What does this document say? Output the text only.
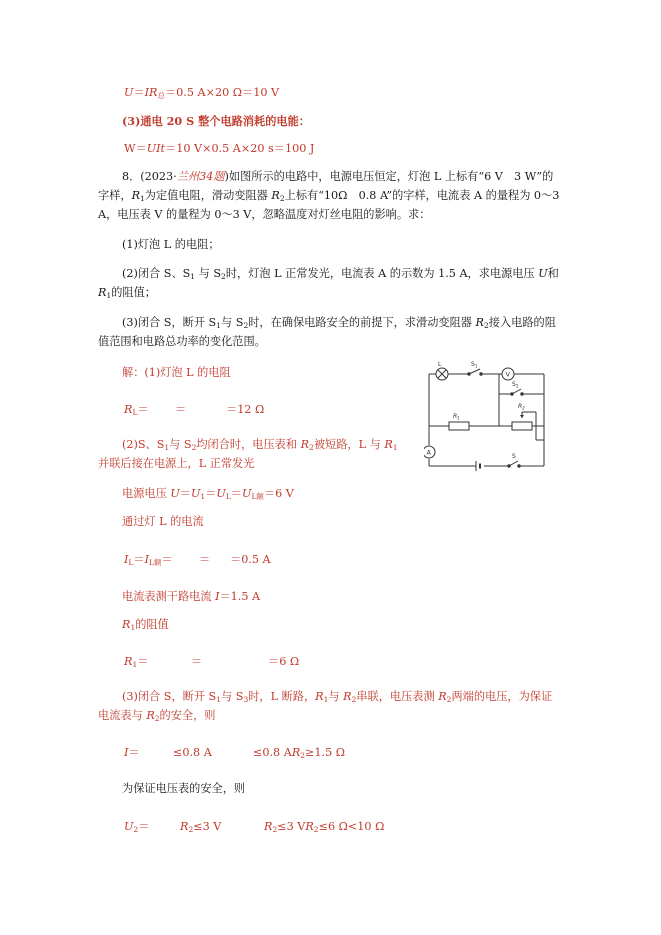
$U=IR_总=0.5$ A×20 Ω＝10 V
(3)通电 20 S 整个电路消耗的电能：
W＝UIt＝10 V×0.5 A×20 s＝100 J
8．(2023·兰州34题)如图所示的电路中，电源电压恒定，灯泡 L 上标有“6 V　3 W”的
字样，$R_1$为定值电阻，滑动变阻器 $R_2$上标有“10Ω　0.8 A”的字样，电流表 A 的量程为 0～3
A，电压表 V 的量程为 0～3 V，忽略温度对灯丝电阻的影响。求：
(1)灯泡 L 的电阻；
(2)闭合 S、$S_1$ 与 $S_2$时，灯泡 L 正常发光，电流表 A 的示数为 1.5 A，求电源电压 U和
$R_1$的阻值；
(3)闭合 S，断开 $S_1$与 $S_2$时，在确保电路安全的前提下，求滑动变阻器 $R_2$接入电路的阻
值范围和电路总功率的变化范围。
解：(1)灯泡 L 的电阻
$R_L=$ ＝	＝12 Ω
(2)S、$S_1$与 $S_2$均闭合时，电压表和 $R_2$被短路，L 与 $R_1$
并联后接在电源上，L 正常发光
电源电压 $U=U_1=U_L=U_L$额＝6 V
通过灯 L 的电流
$I_L=I_L$额＝ ＝ ＝0.5 A
电流表测干路电流 I＝1.5 A
$R_1$的阻值
$R_1=$	＝	＝6 Ω
(3)闭合 S，断开 $S_1$与 $S_3$时，L 断路，$R_1$与 $R_2$串联，电压表测 $R_2$两端的电压，为保证
电流表与 $R_2$的安全，则
I＝	≤0.8 A	≤0.8 $AR_2\ge 1.5$ Ω
为保证电压表的安全，则
$U_2=$	$R_2\le 3$ V	$R_2\le 3$ $VR_2\le 6$ Ω<10 Ω
L	$S_1$
V
$S_2$
$R_1$
$R_2$
A	S
